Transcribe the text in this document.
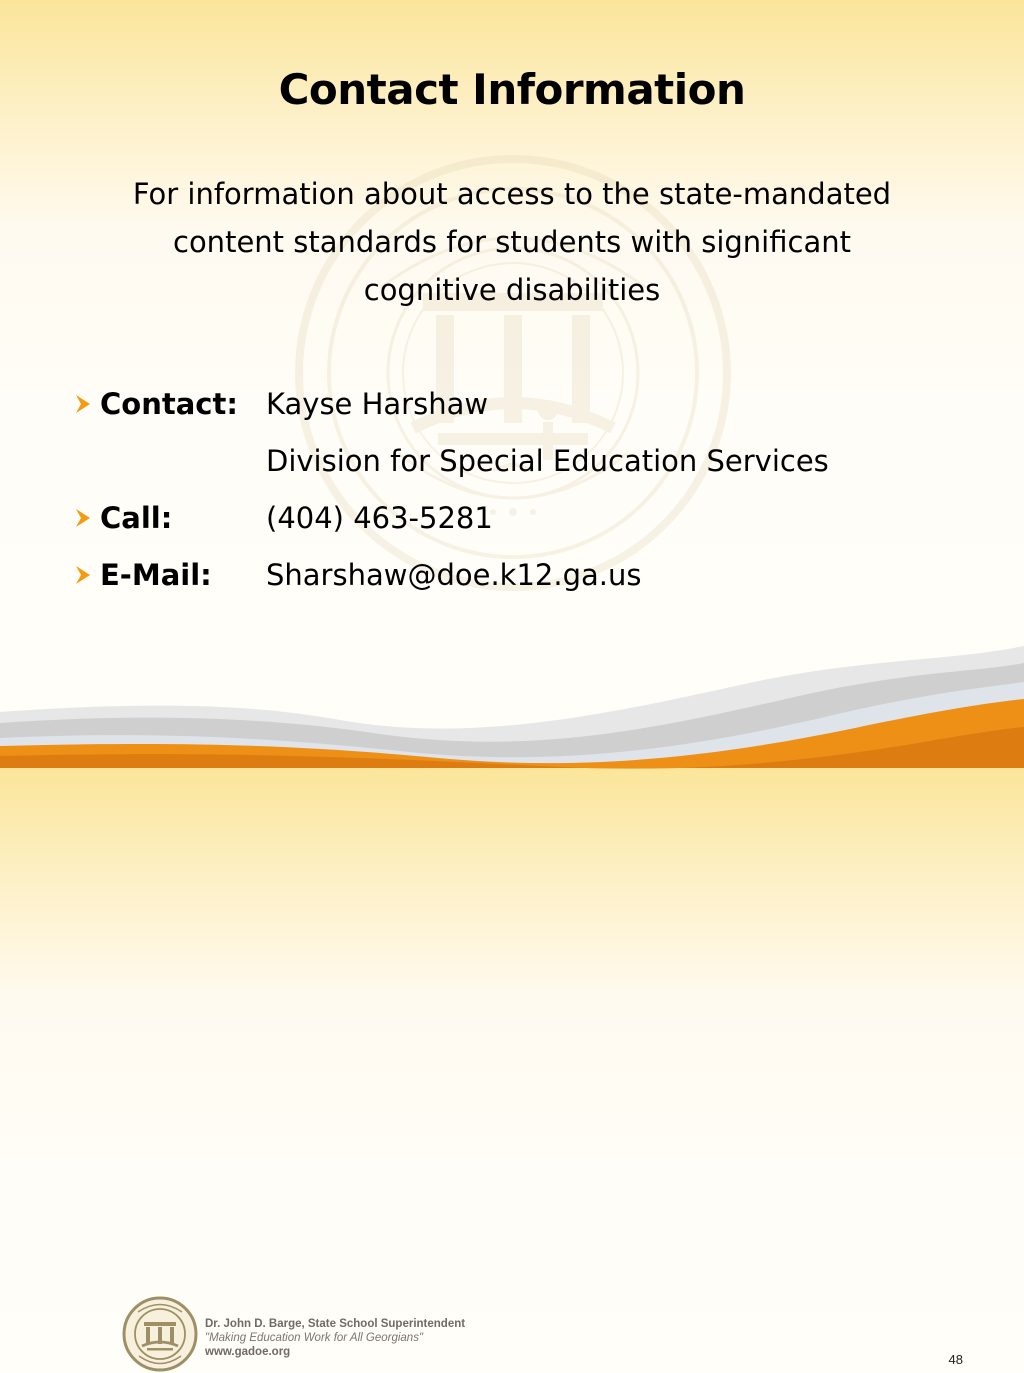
Contact Information
For information about access to the state-mandated
content standards for students with significant
cognitive disabilities
Contact: Kayse Harshaw
Division for Special Education Services
Call:	(404) 463-5281
E-Mail:	Sharshaw@doe.k12.ga.us
Dr. John D. Barge, State School Superintendent
"Making Education Work for All Georgians"
www.gadoe.org	48
